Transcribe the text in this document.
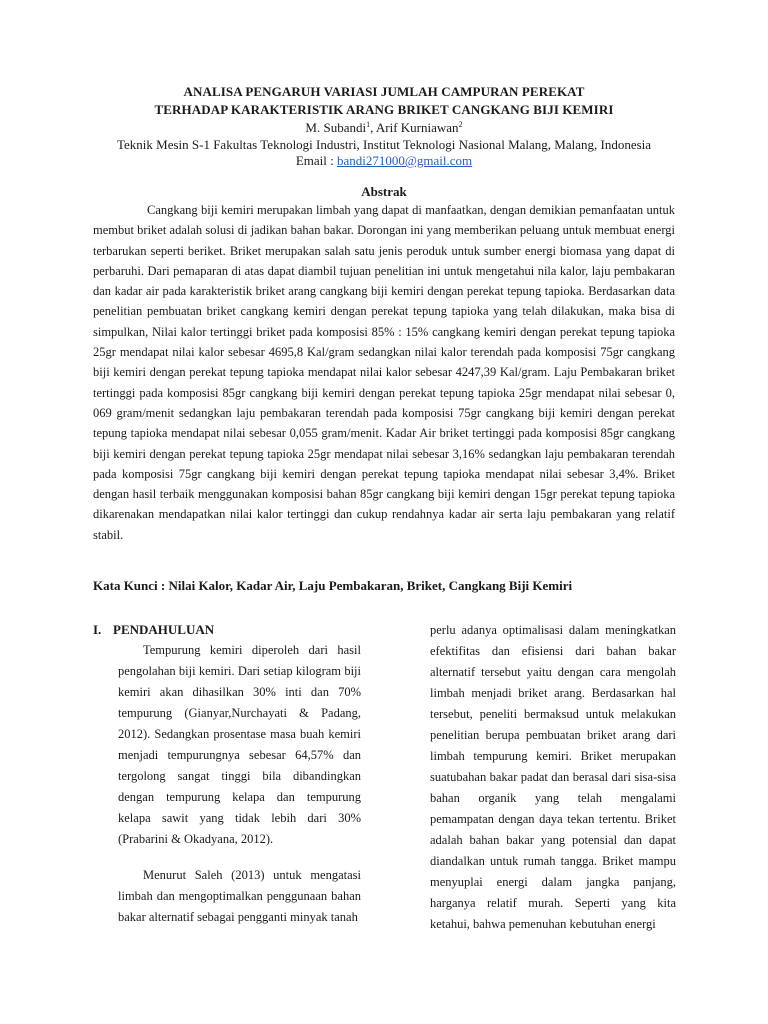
ANALISA PENGARUH VARIASI JUMLAH CAMPURAN PEREKAT
TERHADAP KARAKTERISTIK ARANG BRIKET CANGKANG BIJI KEMIRI
M. Subandi$^1$, Arif Kurniawan$^2$
Teknik Mesin S-1 Fakultas Teknologi Industri, Institut Teknologi Nasional Malang, Malang, Indonesia
Email : bandi271000@gmail.com
Abstrak

Cangkang biji kemiri merupakan limbah yang dapat di manfaatkan, dengan demikian pemanfaatan untuk membut briket adalah solusi di jadikan bahan bakar. Dorongan ini yang memberikan peluang untuk membuat energi terbarukan seperti beriket. Briket merupakan salah satu jenis peroduk untuk sumber energi biomasa yang dapat di perbaruhi. Dari pemaparan di atas dapat diambil tujuan penelitian ini untuk mengetahui nila kalor, laju pembakaran dan kadar air pada karakteristik briket arang cangkang biji kemiri dengan perekat tepung tapioka. Berdasarkan data penelitian pembuatan briket cangkang kemiri dengan perekat tepung tapioka yang telah dilakukan, maka bisa di simpulkan, Nilai kalor tertinggi briket pada komposisi 85% : 15% cangkang kemiri dengan perekat tepung tapioka 25gr mendapat nilai kalor sebesar 4695,8 Kal/gram sedangkan nilai kalor terendah pada komposisi 75gr cangkang biji kemiri dengan perekat tepung tapioka mendapat nilai kalor sebesar 4247,39 Kal/gram. Laju Pembakaran briket tertinggi pada komposisi 85gr cangkang biji kemiri dengan perekat tepung tapioka 25gr mendapat nilai sebesar 0, 069 gram/menit sedangkan laju pembakaran terendah pada komposisi 75gr cangkang biji kemiri dengan perekat tepung tapioka mendapat nilai sebesar 0,055 gram/menit. Kadar Air briket tertinggi pada komposisi 85gr cangkang biji kemiri dengan perekat tepung tapioka 25gr mendapat nilai sebesar 3,16% sedangkan laju pembakaran terendah pada komposisi 75gr cangkang biji kemiri dengan perekat tepung tapioka mendapat nilai sebesar 3,4%. Briket dengan hasil terbaik menggunakan komposisi bahan 85gr cangkang biji kemiri dengan 15gr perekat tepung tapioka dikarenakan mendapatkan nilai kalor tertinggi dan cukup rendahnya kadar air serta laju pembakaran yang relatif stabil.

Kata Kunci : Nilai Kalor, Kadar Air, Laju Pembakaran, Briket, Cangkang Biji Kemiri
I. PENDAHULUAN

Tempurung kemiri diperoleh dari hasil pengolahan biji kemiri. Dari setiap kilogram biji kemiri akan dihasilkan 30% inti dan 70% tempurung (Gianyar,Nurchayati & Padang, 2012). Sedangkan prosentase masa buah kemiri menjadi tempurungnya sebesar 64,57% dan tergolong sangat tinggi bila dibandingkan dengan tempurung kelapa dan tempurung kelapa sawit yang tidak lebih dari 30% (Prabarini & Okadyana, 2012).

Menurut Saleh (2013) untuk mengatasi limbah dan mengoptimalkan penggunaan bahan bakar alternatif sebagai pengganti minyak tanah

perlu adanya optimalisasi dalam meningkatkan efektifitas dan efisiensi dari bahan bakar alternatif tersebut yaitu dengan cara mengolah limbah menjadi briket arang. Berdasarkan hal tersebut, peneliti bermaksud untuk melakukan penelitian berupa pembuatan briket arang dari limbah tempurung kemiri. Briket merupakan suatubahan bakar padat dan berasal dari sisa-sisa bahan organik yang telah mengalami pemampatan dengan daya tekan tertentu. Briket adalah bahan bakar yang potensial dan dapat diandalkan untuk rumah tangga. Briket mampu menyuplai energi dalam jangka panjang, harganya relatif murah. Seperti yang kita ketahui, bahwa pemenuhan kebutuhan energi
